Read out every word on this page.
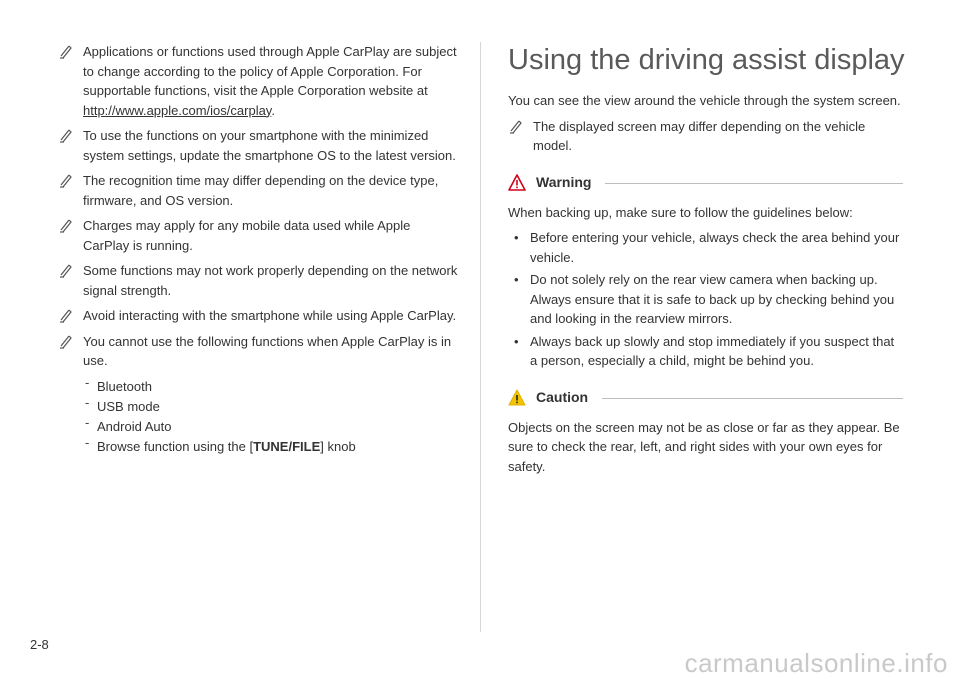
Applications or functions used through Apple CarPlay are subject to change according to the policy of Apple Corporation. For supportable functions, visit the Apple Corporation website at http://www.apple.com/ios/carplay.
To use the functions on your smartphone with the minimized system settings, update the smartphone OS to the latest version.
The recognition time may differ depending on the device type, firmware, and OS version.
Charges may apply for any mobile data used while Apple CarPlay is running.
Some functions may not work properly depending on the network signal strength.
Avoid interacting with the smartphone while using Apple CarPlay.
You cannot use the following functions when Apple CarPlay is in use.
- Bluetooth
- USB mode
- Android Auto
- Browse function using the [TUNE/FILE] knob
Using the driving assist display

You can see the view around the vehicle through the system screen.

The displayed screen may differ depending on the vehicle model.
Warning

When backing up, make sure to follow the guidelines below:

• Before entering your vehicle, always check the area behind your vehicle.
• Do not solely rely on the rear view camera when backing up. Always ensure that it is safe to back up by checking behind you and looking in the rearview mirrors.
• Always back up slowly and stop immediately if you suspect that a person, especially a child, might be behind you.
Caution

Objects on the screen may not be as close or far as they appear. Be sure to check the rear, left, and right sides with your own eyes for safety.

2-8
carmanualsonline.info
